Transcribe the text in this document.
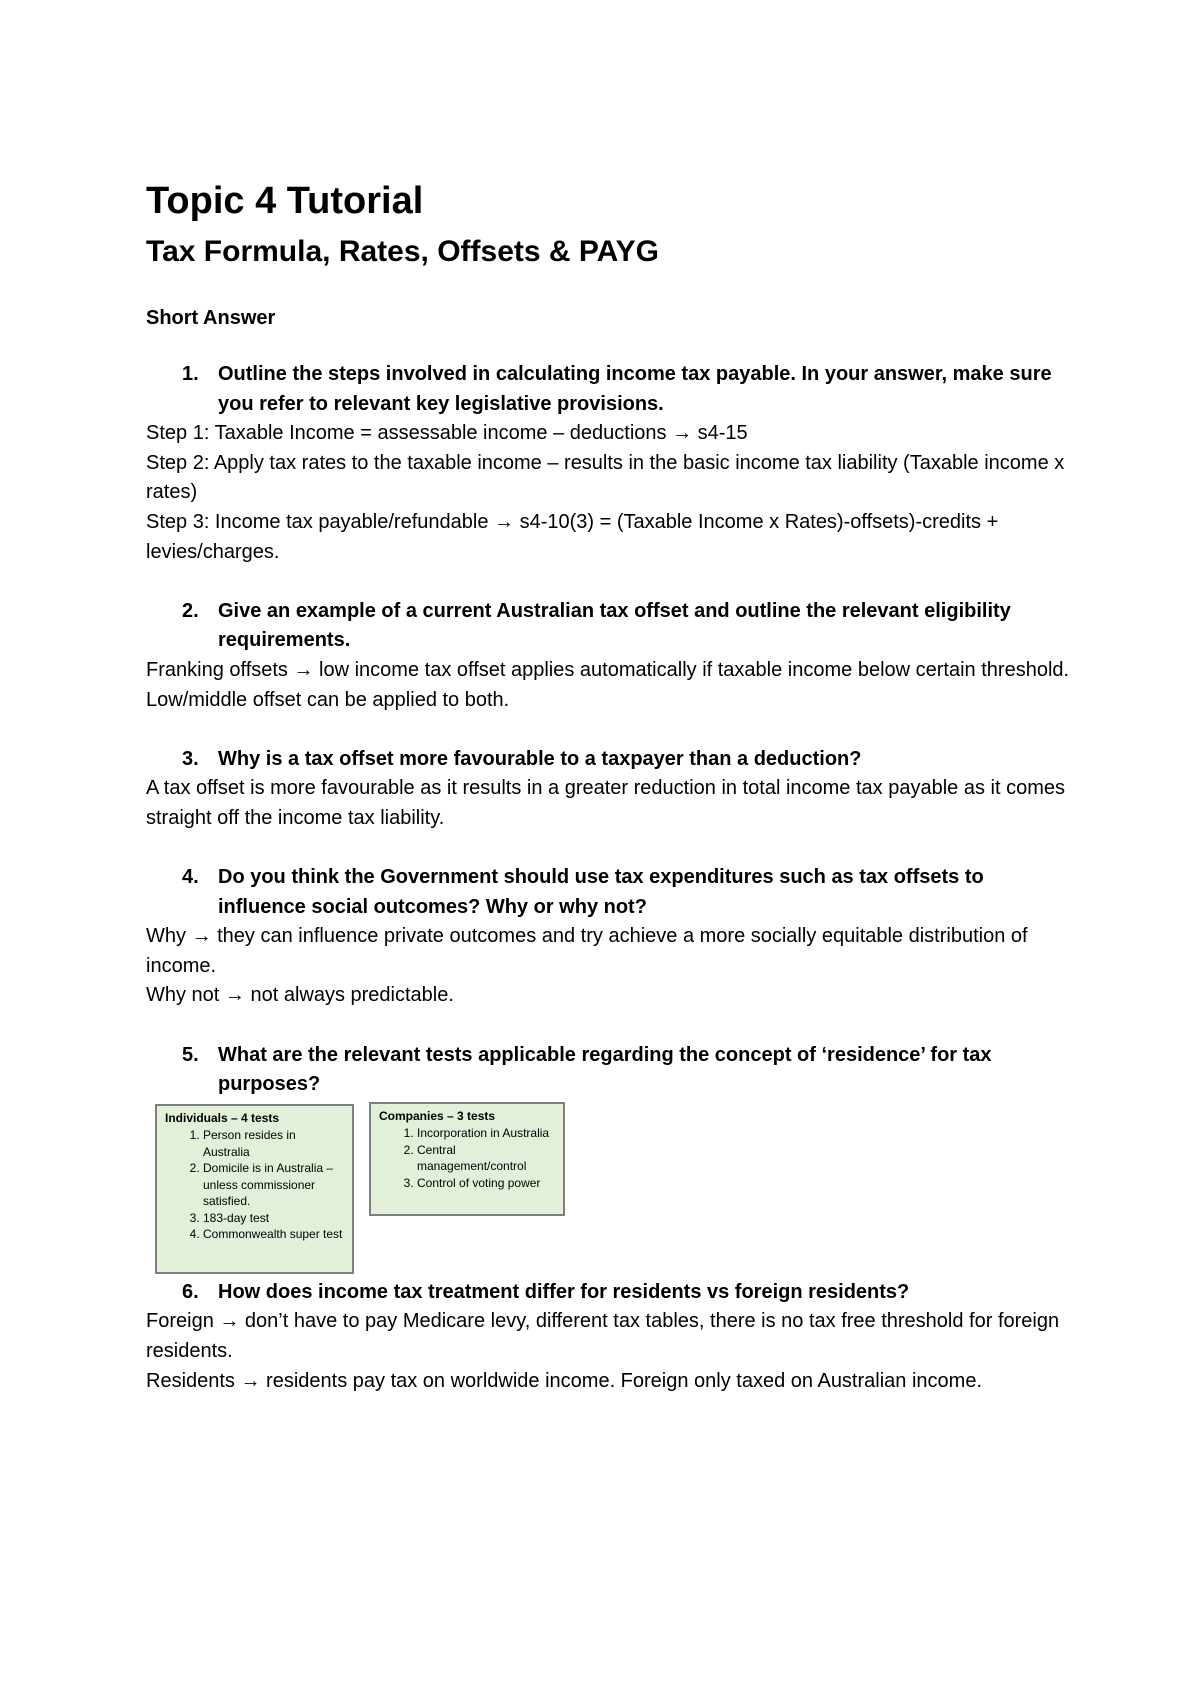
Topic 4 Tutorial
Tax Formula, Rates, Offsets & PAYG
Short Answer
1. Outline the steps involved in calculating income tax payable. In your answer, make sure you refer to relevant key legislative provisions.

Step 1: Taxable Income = assessable income – deductions → s4-15

Step 2: Apply tax rates to the taxable income – results in the basic income tax liability (Taxable income x rates)

Step 3: Income tax payable/refundable → s4-10(3) = (Taxable Income x Rates)-offsets)-credits + levies/charges.

2. Give an example of a current Australian tax offset and outline the relevant eligibility requirements.

Franking offsets → low income tax offset applies automatically if taxable income below certain threshold. Low/middle offset can be applied to both.

3. Why is a tax offset more favourable to a taxpayer than a deduction?

A tax offset is more favourable as it results in a greater reduction in total income tax payable as it comes straight off the income tax liability.

4. Do you think the Government should use tax expenditures such as tax offsets to influence social outcomes? Why or why not?

Why → they can influence private outcomes and try achieve a more socially equitable distribution of income.

Why not → not always predictable.

5. What are the relevant tests applicable regarding the concept of ‘residence’ for tax purposes?
Individuals – 4 tests
1. Person resides in Australia
2. Domicile is in Australia – unless commissioner satisfied.
3. 183-day test
4. Commonwealth super test
Companies – 3 tests
1. Incorporation in Australia
2. Central management/control
3. Control of voting power
6. How does income tax treatment differ for residents vs foreign residents?

Foreign → don’t have to pay Medicare levy, different tax tables, there is no tax free threshold for foreign residents.

Residents → residents pay tax on worldwide income. Foreign only taxed on Australian income.
